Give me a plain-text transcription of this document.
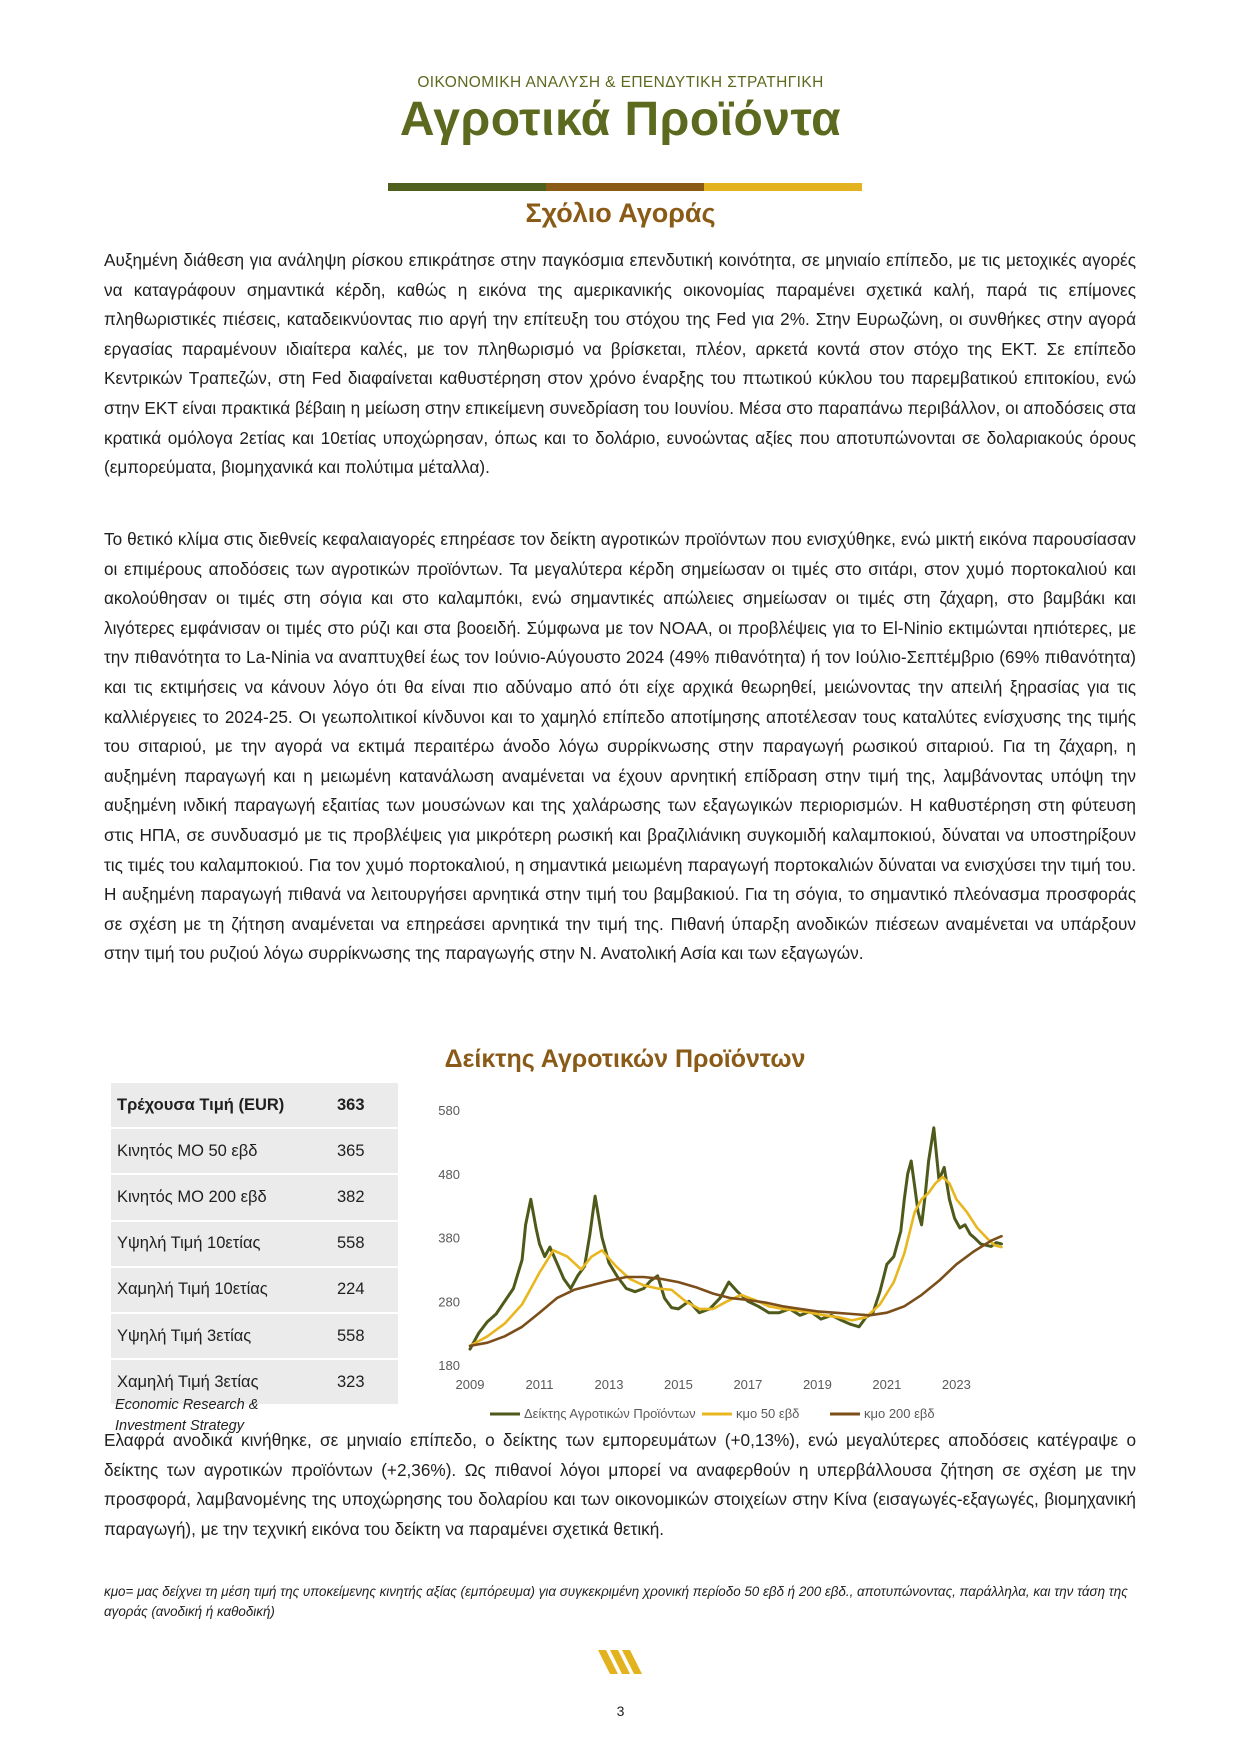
ΟΙΚΟΝΟΜΙΚΗ ΑΝΑΛΥΣΗ & ΕΠΕΝΔΥΤΙΚΗ ΣΤΡΑΤΗΓΙΚΗ
Αγροτικά Προϊόντα
Σχόλιο Αγοράς

Αυξημένη διάθεση για ανάληψη ρίσκου επικράτησε στην παγκόσμια επενδυτική κοινότητα, σε μηνιαίο επίπεδο, με τις μετοχικές αγορές να καταγράφουν σημαντικά κέρδη, καθώς η εικόνα της αμερικανικής οικονομίας παραμένει σχετικά καλή, παρά τις επίμονες πληθωριστικές πιέσεις, καταδεικνύοντας πιο αργή την επίτευξη του στόχου της Fed για 2%. Στην Ευρωζώνη, οι συνθήκες στην αγορά εργασίας παραμένουν ιδιαίτερα καλές, με τον πληθωρισμό να βρίσκεται, πλέον, αρκετά κοντά στον στόχο της ΕΚΤ. Σε επίπεδο Κεντρικών Τραπεζών, στη Fed διαφαίνεται καθυστέρηση στον χρόνο έναρξης του πτωτικού κύκλου του παρεμβατικού επιτοκίου, ενώ στην ΕΚΤ είναι πρακτικά βέβαιη η μείωση στην επικείμενη συνεδρίαση του Ιουνίου. Μέσα στο παραπάνω περιβάλλον, οι αποδόσεις στα κρατικά ομόλογα 2ετίας και 10ετίας υποχώρησαν, όπως και το δολάριο, ευνοώντας αξίες που αποτυπώνονται σε δολαριακούς όρους (εμπορεύματα, βιομηχανικά και πολύτιμα μέταλλα).

Το θετικό κλίμα στις διεθνείς κεφαλαιαγορές επηρέασε τον δείκτη αγροτικών προϊόντων που ενισχύθηκε, ενώ μικτή εικόνα παρουσίασαν οι επιμέρους αποδόσεις των αγροτικών προϊόντων. Τα μεγαλύτερα κέρδη σημείωσαν οι τιμές στο σιτάρι, στον χυμό πορτοκαλιού και ακολούθησαν οι τιμές στη σόγια και στο καλαμπόκι, ενώ σημαντικές απώλειες σημείωσαν οι τιμές στη ζάχαρη, στο βαμβάκι και λιγότερες εμφάνισαν οι τιμές στο ρύζι και στα βοοειδή. Σύμφωνα με τον NOAA, οι προβλέψεις για το El-Ninio εκτιμώνται ηπιότερες, με την πιθανότητα το La-Ninia να αναπτυχθεί έως τον Ιούνιο-Αύγουστο 2024 (49% πιθανότητα) ή τον Ιούλιο-Σεπτέμβριο (69% πιθανότητα) και τις εκτιμήσεις να κάνουν λόγο ότι θα είναι πιο αδύναμο από ότι είχε αρχικά θεωρηθεί, μειώνοντας την απειλή ξηρασίας για τις καλλιέργειες το 2024-25. Οι γεωπολιτικοί κίνδυνοι και το χαμηλό επίπεδο αποτίμησης αποτέλεσαν τους καταλύτες ενίσχυσης της τιμής του σιταριού, με την αγορά να εκτιμά περαιτέρω άνοδο λόγω συρρίκνωσης στην παραγωγή ρωσικού σιταριού. Για τη ζάχαρη, η αυξημένη παραγωγή και η μειωμένη κατανάλωση αναμένεται να έχουν αρνητική επίδραση στην τιμή της, λαμβάνοντας υπόψη την αυξημένη ινδική παραγωγή εξαιτίας των μουσώνων και της χαλάρωσης των εξαγωγικών περιορισμών. Η καθυστέρηση στη φύτευση στις ΗΠΑ, σε συνδυασμό με τις προβλέψεις για μικρότερη ρωσική και βραζιλιάνικη συγκομιδή καλαμποκιού, δύναται να υποστηρίξουν τις τιμές του καλαμποκιού. Για τον χυμό πορτοκαλιού, η σημαντικά μειωμένη παραγωγή πορτοκαλιών δύναται να ενισχύσει την τιμή του. Η αυξημένη παραγωγή πιθανά να λειτουργήσει αρνητικά στην τιμή του βαμβακιού. Για τη σόγια, το σημαντικό πλεόνασμα προσφοράς σε σχέση με τη ζήτηση αναμένεται να επηρεάσει αρνητικά την τιμή της. Πιθανή ύπαρξη ανοδικών πιέσεων αναμένεται να υπάρξουν στην τιμή του ρυζιού λόγω συρρίκνωσης της παραγωγής στην Ν. Ανατολική Ασία και των εξαγωγών.

Δείκτης Αγροτικών Προϊόντων
Τρέχουσα Τιμή (EUR)	363
Κινητός ΜΟ 50 εβδ	365
Κινητός ΜΟ 200 εβδ	382
Υψηλή Τιμή 10ετίας	558
Χαμηλή Τιμή 10ετίας	224
Υψηλή Τιμή 3ετίας	558
Χαμηλή Τιμή 3ετίας	323
Economic Research &
Investment Strategy
580
480
380
280
180
2009	2011	2013	2015	2017	2019	2021	2023
Δείκτης Αγροτικών Προϊόντων	κμο 50 εβδ	κμο 200 εβδ

Ελαφρά ανοδικά κινήθηκε, σε μηνιαίο επίπεδο, ο δείκτης των εμπορευμάτων (+0,13%), ενώ μεγαλύτερες αποδόσεις κατέγραψε ο δείκτης των αγροτικών προϊόντων (+2,36%). Ως πιθανοί λόγοι μπορεί να αναφερθούν η υπερβάλλουσα ζήτηση σε σχέση με την προσφορά, λαμβανομένης της υποχώρησης του δολαρίου και των οικονομικών στοιχείων στην Κίνα (εισαγωγές-εξαγωγές, βιομηχανική παραγωγή), με την τεχνική εικόνα του δείκτη να παραμένει σχετικά θετική.

κμο= μας δείχνει τη μέση τιμή της υποκείμενης κινητής αξίας (εμπόρευμα) για συγκεκριμένη χρονική περίοδο 50 εβδ ή 200 εβδ., αποτυπώνοντας, παράλληλα, και την τάση της αγοράς (ανοδική ή καθοδική)

3
